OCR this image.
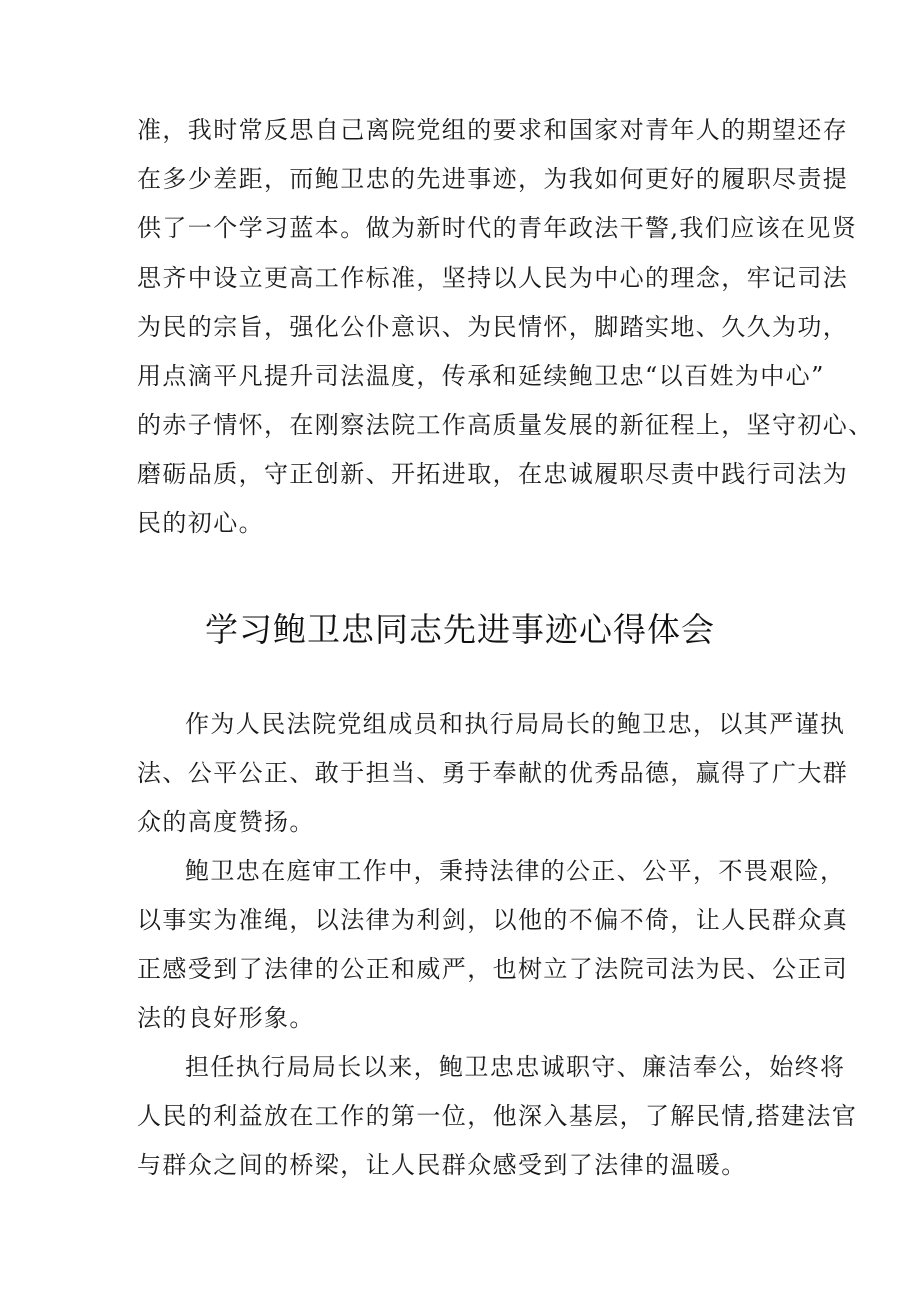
准，我时常反思自己离院党组的要求和国家对青年人的期望还存
在多少差距，而鲍卫忠的先进事迹，为我如何更好的履职尽责提
供了一个学习蓝本。做为新时代的青年政法干警,我们应该在见贤
思齐中设立更高工作标准，坚持以人民为中心的理念，牢记司法
为民的宗旨，强化公仆意识、为民情怀，脚踏实地、久久为功，
用点滴平凡提升司法温度，传承和延续鲍卫忠“以百姓为中心”
的赤子情怀，在刚察法院工作高质量发展的新征程上，坚守初心、
磨砺品质，守正创新、开拓进取，在忠诚履职尽责中践行司法为
民的初心。
学习鲍卫忠同志先进事迹心得体会
作为人民法院党组成员和执行局局长的鲍卫忠，以其严谨执
法、公平公正、敢于担当、勇于奉献的优秀品德，赢得了广大群
众的高度赞扬。
鲍卫忠在庭审工作中，秉持法律的公正、公平，不畏艰险，
以事实为准绳，以法律为利剑，以他的不偏不倚，让人民群众真
正感受到了法律的公正和威严，也树立了法院司法为民、公正司
法的良好形象。
担任执行局局长以来，鲍卫忠忠诚职守、廉洁奉公，始终将
人民的利益放在工作的第一位，他深入基层，了解民情,搭建法官
与群众之间的桥梁，让人民群众感受到了法律的温暖。
